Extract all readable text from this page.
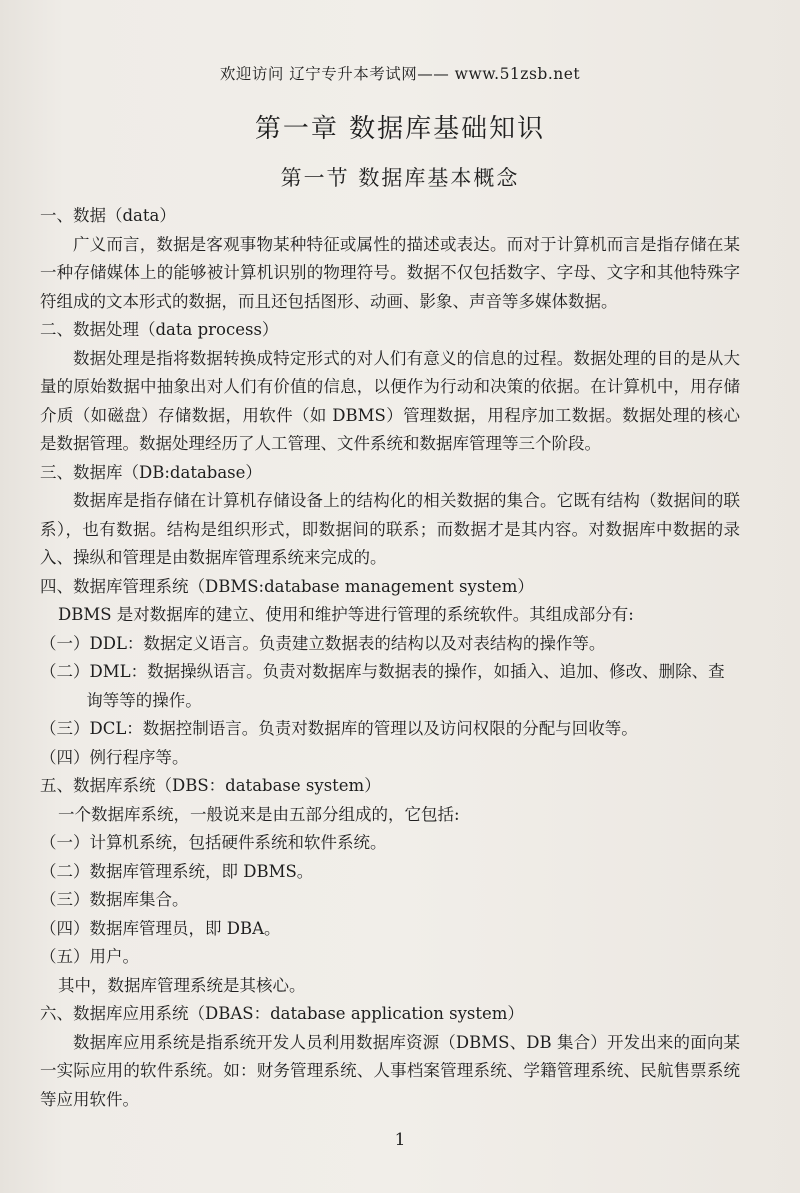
欢迎访问 辽宁专升本考试网—— www.51zsb.net
第一章 数据库基础知识
第一节 数据库基本概念

一、数据（data）

广义而言，数据是客观事物某种特征或属性的描述或表达。而对于计算机而言是指存储在某一种存储媒体上的能够被计算机识别的物理符号。数据不仅包括数字、字母、文字和其他特殊字符组成的文本形式的数据，而且还包括图形、动画、影象、声音等多媒体数据。

二、数据处理（data process）

数据处理是指将数据转换成特定形式的对人们有意义的信息的过程。数据处理的目的是从大量的原始数据中抽象出对人们有价值的信息，以便作为行动和决策的依据。在计算机中，用存储介质（如磁盘）存储数据，用软件（如 DBMS）管理数据，用程序加工数据。数据处理的核心是数据管理。数据处理经历了人工管理、文件系统和数据库管理等三个阶段。

三、数据库（DB:database）

数据库是指存储在计算机存储设备上的结构化的相关数据的集合。它既有结构（数据间的联系），也有数据。结构是组织形式，即数据间的联系；而数据才是其内容。对数据库中数据的录入、操纵和管理是由数据库管理系统来完成的。

四、数据库管理系统（DBMS:database management system）

DBMS 是对数据库的建立、使用和维护等进行管理的系统软件。其组成部分有:

（一）DDL：数据定义语言。负责建立数据表的结构以及对表结构的操作等。

（二）DML：数据操纵语言。负责对数据库与数据表的操作，如插入、追加、修改、删除、查询等等的操作。

（三）DCL：数据控制语言。负责对数据库的管理以及访问权限的分配与回收等。

（四）例行程序等。

五、数据库系统（DBS：database system）

一个数据库系统，一般说来是由五部分组成的，它包括:

（一）计算机系统，包括硬件系统和软件系统。

（二）数据库管理系统，即 DBMS。

（三）数据库集合。

（四）数据库管理员，即 DBA。

（五）用户。

其中，数据库管理系统是其核心。

六、数据库应用系统（DBAS：database application system）

数据库应用系统是指系统开发人员利用数据库资源（DBMS、DB 集合）开发出来的面向某一实际应用的软件系统。如：财务管理系统、人事档案管理系统、学籍管理系统、民航售票系统等应用软件。

1
